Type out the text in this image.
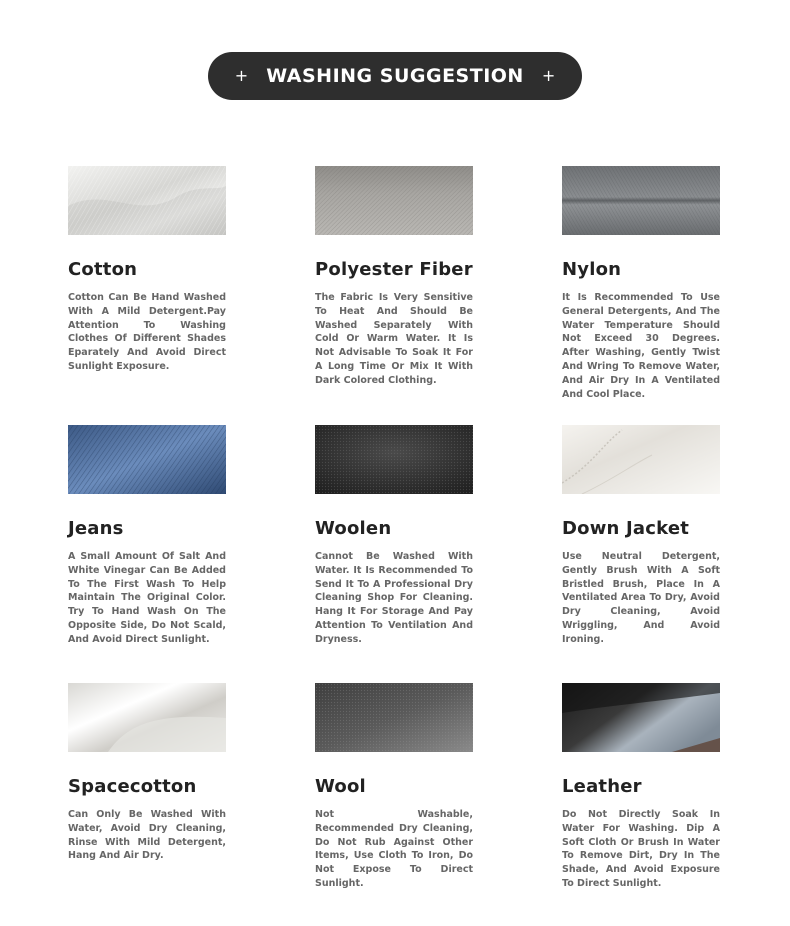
+ WASHING SUGGESTION +
Cotton
Cotton Can Be Hand Washed With A Mild Detergent.Pay Attention To Washing Clothes Of Different Shades Eparately And Avoid Direct Sunlight Exposure.
Polyester Fiber
The Fabric Is Very Sensitive To Heat And Should Be Washed Separately With Cold Or Warm Water. It Is Not Advisable To Soak It For A Long Time Or Mix It With Dark Colored Clothing.
Nylon
It Is Recommended To Use General Detergents, And The Water Temperature Should Not Exceed 30 Degrees. After Washing, Gently Twist And Wring To Remove Water, And Air Dry In A Ventilated And Cool Place.
Jeans
A Small Amount Of Salt And White Vinegar Can Be Added To The First Wash To Help Maintain The Original Color. Try To Hand Wash On The Opposite Side, Do Not Scald, And Avoid Direct Sunlight.
Woolen
Cannot Be Washed With Water. It Is Recommended To Send It To A Professional Dry Cleaning Shop For Cleaning. Hang It For Storage And Pay Attention To Ventilation And Dryness.
Down Jacket
Use Neutral Detergent, Gently Brush With A Soft Bristled Brush, Place In A Ventilated Area To Dry, Avoid Dry Cleaning, Avoid Wriggling, And Avoid Ironing.
Spacecotton
Can Only Be Washed With Water, Avoid Dry Cleaning, Rinse With Mild Detergent, Hang And Air Dry.
Wool
Not Washable, Recommended Dry Cleaning, Do Not Rub Against Other Items, Use Cloth To Iron, Do Not Expose To Direct Sunlight.
Leather
Do Not Directly Soak In Water For Washing. Dip A Soft Cloth Or Brush In Water To Remove Dirt, Dry In The Shade, And Avoid Exposure To Direct Sunlight.
